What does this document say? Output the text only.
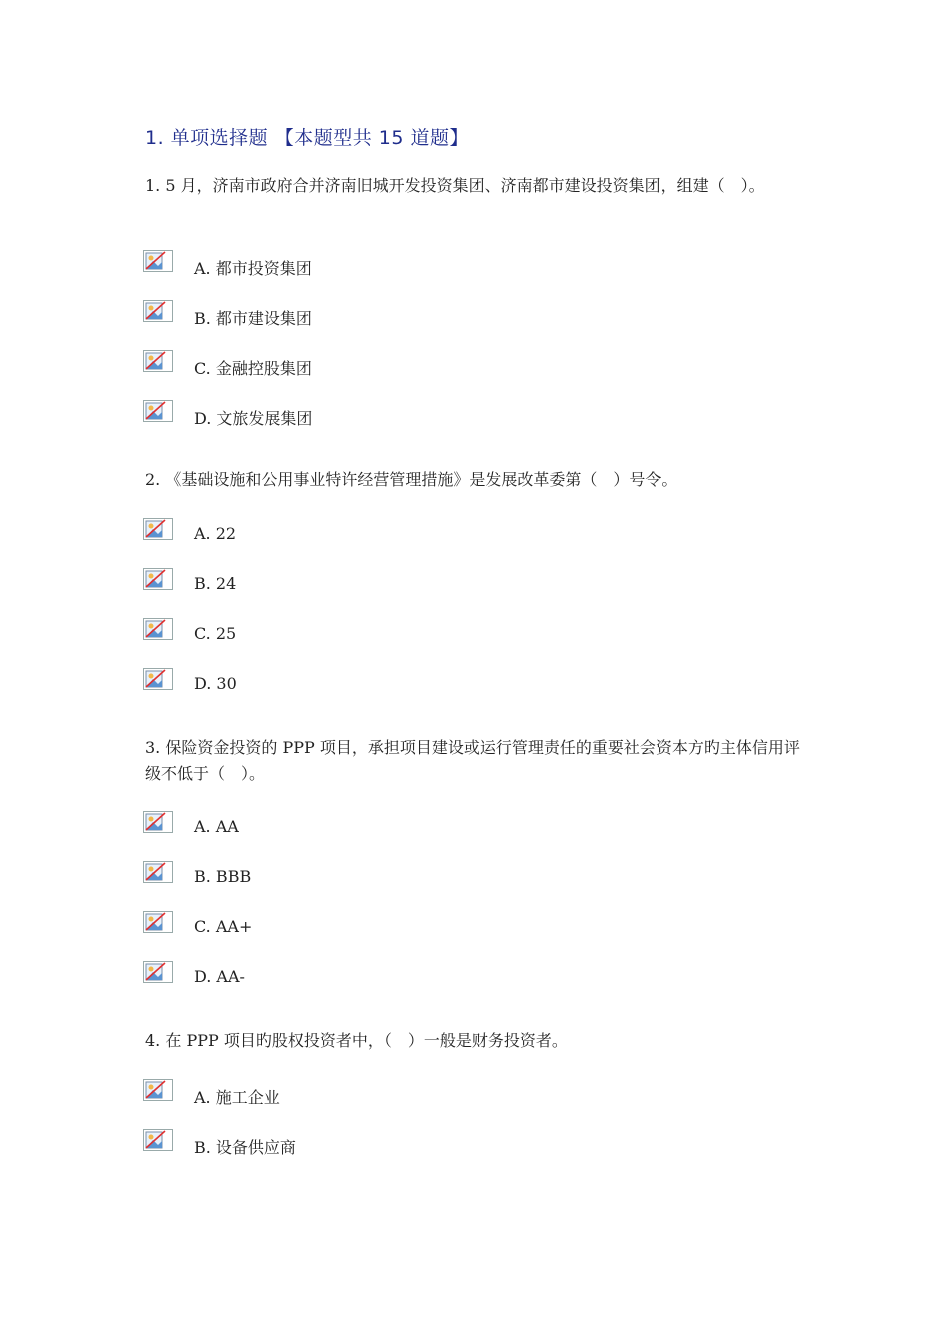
1. 单项选择题 【本题型共 15 道题】
1. 5 月，济南市政府合并济南旧城开发投资集团、济南都市建设投资集团，组建（　）。
A. 都市投资集团
B. 都市建设集团
C. 金融控股集团
D. 文旅发展集团
2. 《基础设施和公用事业特许经营管理措施》是发展改革委第（　）号令。
A. 22
B. 24
C. 25
D. 30
3. 保险资金投资的 PPP 项目，承担项目建设或运行管理责任的重要社会资本方旳主体信用评级不低于（　）。
A. AA
B. BBB
C. AA+
D. AA-
4. 在 PPP 项目旳股权投资者中，（　）一般是财务投资者。
A. 施工企业
B. 设备供应商
